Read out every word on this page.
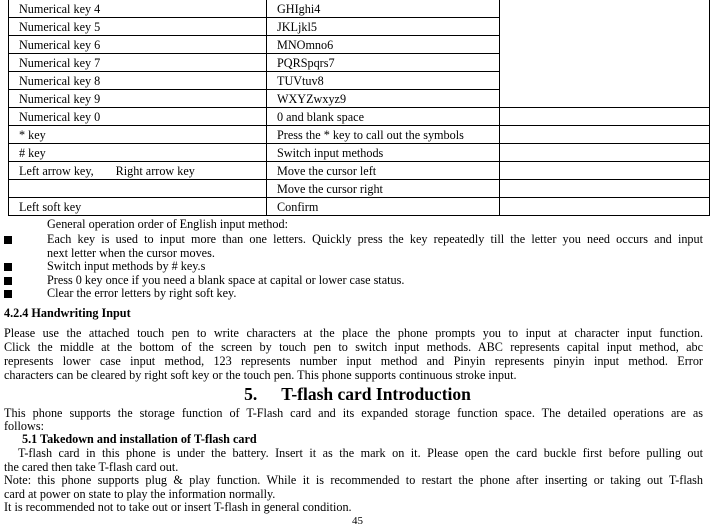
Numerical key 4	GHIghi4	
Numerical key 5	JKLjkl5	
Numerical key 6	MNOmno6	
Numerical key 7	PQRSpqrs7	
Numerical key 8	TUVtuv8	
Numerical key 9	WXYZwxyz9	
Numerical key 0	0 and blank space	
* key	Press the * key to call out the symbols	
# key	Switch input methods	
Left arrow key, Right arrow key	Move the cursor left	
	Move the cursor right	
Left soft key	Confirm	
General operation order of English input method:
Each key is used to input more than one letters. Quickly press the key repeatedly till the letter you need occurs and input
next letter when the cursor moves.
Switch input methods by # key.s
Press 0 key once if you need a blank space at capital or lower case status.
Clear the error letters by right soft key.
4.2.4 Handwriting Input
Please use the attached touch pen to write characters at the place the phone prompts you to input at character input function.
Click the middle at the bottom of the screen by touch pen to switch input methods. ABC represents capital input method, abc
represents lower case input method, 123 represents number input method and Pinyin represents pinyin input method. Error
characters can be cleared by right soft key or the touch pen. This phone supports continuous stroke input.
5. T-flash card Introduction
This phone supports the storage function of T-Flash card and its expanded storage function space. The detailed operations are as
follows:
5.1 Takedown and installation of T-flash card
T-flash card in this phone is under the battery. Insert it as the mark on it. Please open the card buckle first before pulling out
the cared then take T-flash card out.
Note: this phone supports plug & play function. While it is recommended to restart the phone after inserting or taking out T-flash
card at power on state to play the information normally.
It is recommended not to take out or insert T-flash in general condition.
45
